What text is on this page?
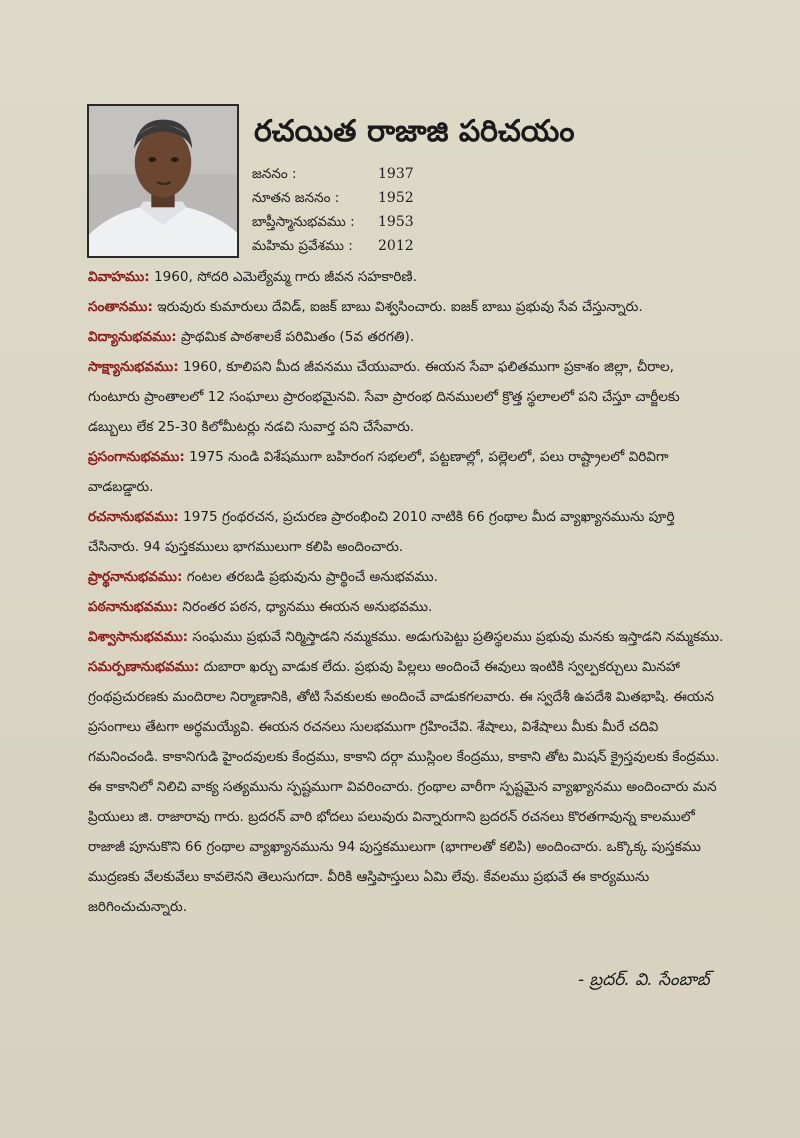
రచయిత రాజాజి పరిచయం
జననం :	1937
నూతన జననం :	1952
బాప్తీస్మానుభవము : 1953
మహిమ ప్రవేశము : 2012

వివాహము: 1960, సోదరి ఎమెల్యేమ్మ గారు జీవన సహకారిణి.

సంతానము: ఇరువురు కుమారులు దేవిడ్, ఐజక్ బాబు విశ్వసించారు. ఐజక్ బాబు ప్రభువు సేవ చేస్తున్నారు.

విద్యానుభవము: ప్రాథమిక పాఠశాలకే పరిమితం (5వ తరగతి).

సాక్ష్యానుభవము: 1960, కూలిపని మీద జీవనము చేయువారు. ఈయన సేవా ఫలితముగా ప్రకాశం జిల్లా, చీరాల, గుంటూరు ప్రాంతాలలో 12 సంఘాలు ప్రారంభమైనవి. సేవా ప్రారంభ దినములలో క్రొత్త స్థలాలలో పని చేస్తూ చార్జీలకు డబ్బులు లేక 25-30 కిలోమీటర్లు నడచి సువార్త పని చేసేవారు.

ప్రసంగానుభవము: 1975 నుండి విశేషముగా బహిరంగ సభలలో, పట్టణాల్లో, పల్లెలలో, పలు రాష్ట్రాలలో విరివిగా వాడబడ్డారు.

రచనానుభవము: 1975 గ్రంథరచన, ప్రచురణ ప్రారంభించి 2010 నాటికి 66 గ్రంథాల మీద వ్యాఖ్యానమును పూర్తి చేసినారు. 94 పుస్తకములు భాగములుగా కలిపి అందించారు.

ప్రార్థనానుభవము: గంటల తరబడి ప్రభువును ప్రార్థించే అనుభవము.

పఠనానుభవము: నిరంతర పఠన, ధ్యానము ఈయన అనుభవము.

విశ్వాసానుభవము: సంఘము ప్రభువే నిర్మిస్తాడని నమ్మకము. అడుగుపెట్టు ప్రతిస్థలము ప్రభువు మనకు ఇస్తాడని నమ్మకము.

సమర్పణానుభవము: దుబారా ఖర్చు వాడుక లేదు. ప్రభువు పిల్లలు అందించే ఈవులు ఇంటికి స్వల్పకర్చులు మినహా గ్రంథప్రచురణకు మందిరాల నిర్మాణానికి, తోటి సేవకులకు అందించే వాడుకగలవారు. ఈ స్వదేశీ ఉపదేశి మితభాషి. ఈయన ప్రసంగాలు తేటగా అర్థమయ్యేవి. ఈయన రచనలు సులభముగా గ్రహించేవి. శేషాలు, విశేషాలు మీకు మీరే చదివి గమనించండి. కాకానిగుడి హైందవులకు కేంద్రము, కాకాని దర్గా ముస్లింల కేంద్రము, కాకాని తోట మిషన్ క్రైస్తవులకు కేంద్రము. ఈ కాకానిలో నిలిచి వాక్య సత్యమును స్పష్టముగా వివరించారు. గ్రంథాల వారీగా స్పష్టమైన వ్యాఖ్యానము అందించారు మన ప్రియులు జి. రాజారావు గారు. బ్రదరన్ వారి భోదలు పలువురు విన్నారుగాని బ్రదరన్ రచనలు కొరతగావున్న కాలములో రాజాజీ పూనుకొని 66 గ్రంథాల వ్యాఖ్యానమును 94 పుస్తకములుగా (భాగాలతో కలిపి) అందించారు. ఒక్కొక్క పుస్తకము ముద్రణకు వేలకువేలు కావలెనని తెలుసుగదా. వీరికి ఆస్తిపాస్తులు ఏమి లేవు. కేవలము ప్రభువే ఈ కార్యమును జరిగించుచున్నారు.

- బ్రదర్. వి. సేంబాబ్
